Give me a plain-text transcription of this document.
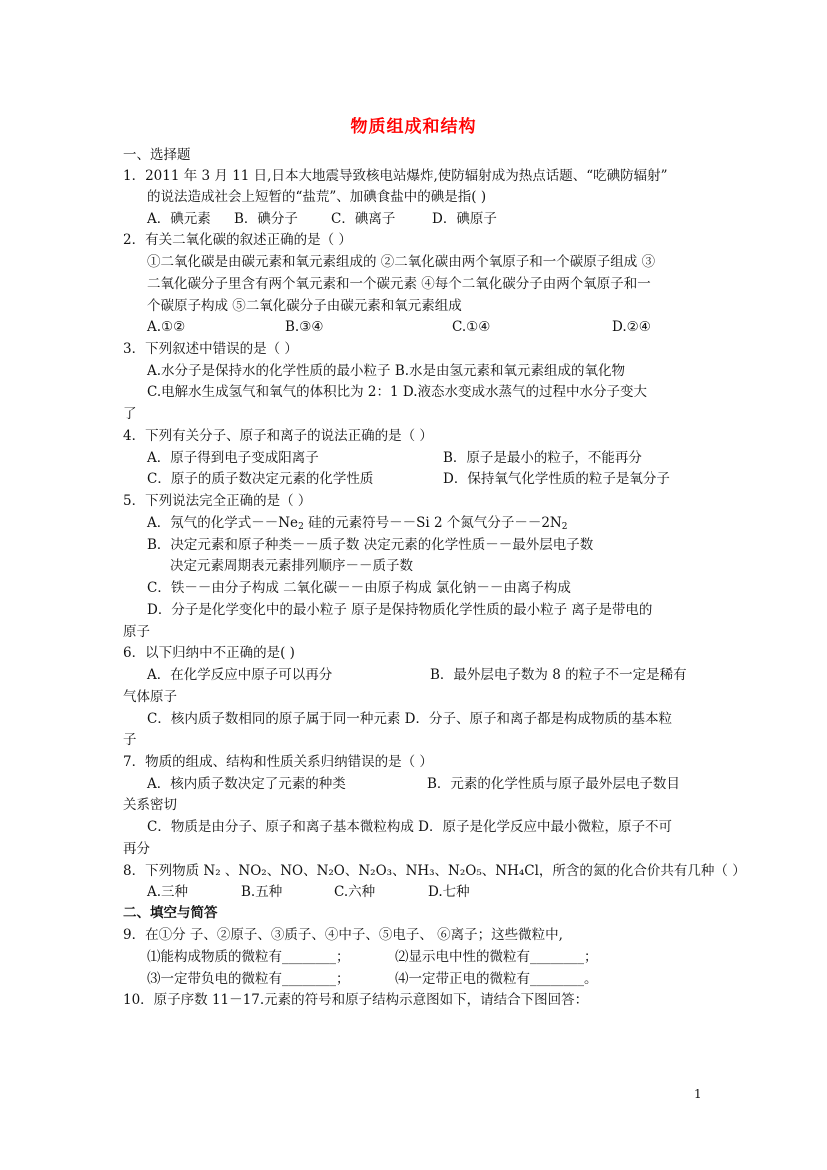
物质组成和结构
一、选择题
1．2011 年 3 月 11 日,日本大地震导致核电站爆炸,使防辐射成为热点话题、“吃碘防辐射”
的说法造成社会上短暂的“盐荒”、加碘食盐中的碘是指( )
A．碘元素 B．碘分子 C．碘离子	D．碘原子
2．有关二氧化碳的叙述正确的是（ ）
①二氧化碳是由碳元素和氧元素组成的 ②二氧化碳由两个氧原子和一个碳原子组成 ③
二氧化碳分子里含有两个氧元素和一个碳元素 ④每个二氧化碳分子由两个氧原子和一
个碳原子构成 ⑤二氧化碳分子由碳元素和氧元素组成
A.①②	B.③④	C.①④	D.②④
3．下列叙述中错误的是（ ）
A.水分子是保持水的化学性质的最小粒子 B.水是由氢元素和氧元素组成的氧化物
C.电解水生成氢气和氧气的体积比为 2：1 D.液态水变成水蒸气的过程中水分子变大
了
4．下列有关分子、原子和离子的说法正确的是（ ）
A．原子得到电子变成阳离子	B．原子是最小的粒子，不能再分
C．原子的质子数决定元素的化学性质	D．保持氧气化学性质的粒子是氧分子
5．下列说法完全正确的是（ ）
A．氖气的化学式$--Ne_2$ 硅的元素符号－－Si 2 个氮气分子$--2N_2$
B．决定元素和原子种类－－质子数 决定元素的化学性质－－最外层电子数
决定元素周期表元素排列顺序－－质子数
C．铁－－由分子构成 二氧化碳－－由原子构成 氯化钠－－由离子构成
D．分子是化学变化中的最小粒子 原子是保持物质化学性质的最小粒子 离子是带电的
原子
6．以下归纳中不正确的是( )
A．在化学反应中原子可以再分	B．最外层电子数为 8 的粒子不一定是稀有
气体原子
C．核内质子数相同的原子属于同一种元素 D．分子、原子和离子都是构成物质的基本粒
子
7．物质的组成、结构和性质关系归纳错误的是（ ）
A．核内质子数决定了元素的种类	B．元素的化学性质与原子最外层电子数目
关系密切
C．物质是由分子、原子和离子基本微粒构成 D．原子是化学反应中最小微粒，原子不可
再分
8．下列物质 N₂ 、NO₂、NO、N₂O、N₂O₃、NH₃、N₂O₅、NH₄Cl，所含的氮的化合价共有几种（ ）
A.三种	B.五种	C.六种	D.七种
二、填空与简答
9．在①分 子、②原子、③质子、④中子、⑤电子、 ⑥离子；这些微粒中,
⑴能构成物质的微粒有________；	⑵显示电中性的微粒有________；
⑶一定带负电的微粒有________；	⑷一定带正电的微粒有________。
10．原子序数 11－17.元素的符号和原子结构示意图如下，请结合下图回答：
1
